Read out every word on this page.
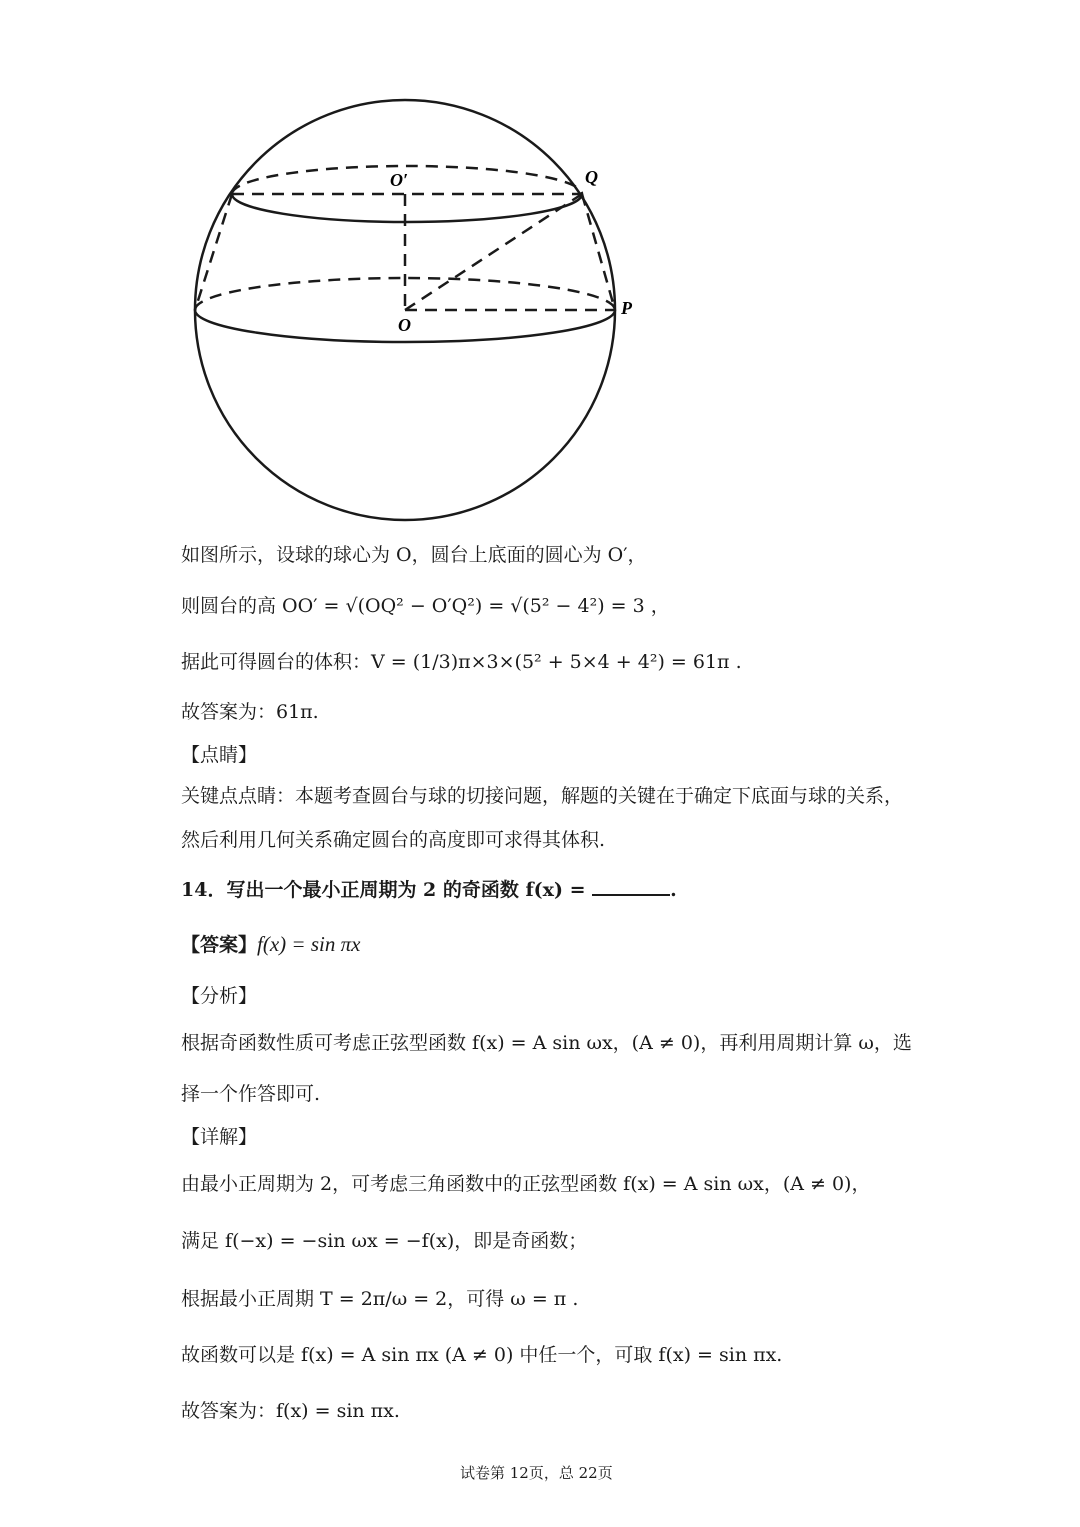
O′	Q
O
P
如图所示，设球的球心为 O，圆台上底面的圆心为 O′，
则圆台的高 OO′ = √(OQ² − O′Q²) = √(5² − 4²) = 3 ，
据此可得圆台的体积：V = (1/3)π×3×(5² + 5×4 + 4²) = 61π .
故答案为：61π.
【点睛】
关键点点睛：本题考查圆台与球的切接问题，解题的关键在于确定下底面与球的关系，
然后利用几何关系确定圆台的高度即可求得其体积.
14．写出一个最小正周期为 2 的奇函数 f(x) =	.
【答案】f(x) = sin πx
【分析】
根据奇函数性质可考虑正弦型函数 f(x) = A sin ωx，(A ≠ 0)，再利用周期计算 ω，选
择一个作答即可.
【详解】
由最小正周期为 2，可考虑三角函数中的正弦型函数 f(x) = A sin ωx，(A ≠ 0)，
满足 f(−x) = −sin ωx = −f(x)，即是奇函数；
根据最小正周期 T = 2π/ω = 2，可得 ω = π .
故函数可以是 f(x) = A sin πx (A ≠ 0) 中任一个，可取 f(x) = sin πx.
故答案为：f(x) = sin πx.
试卷第 12页，总 22页
